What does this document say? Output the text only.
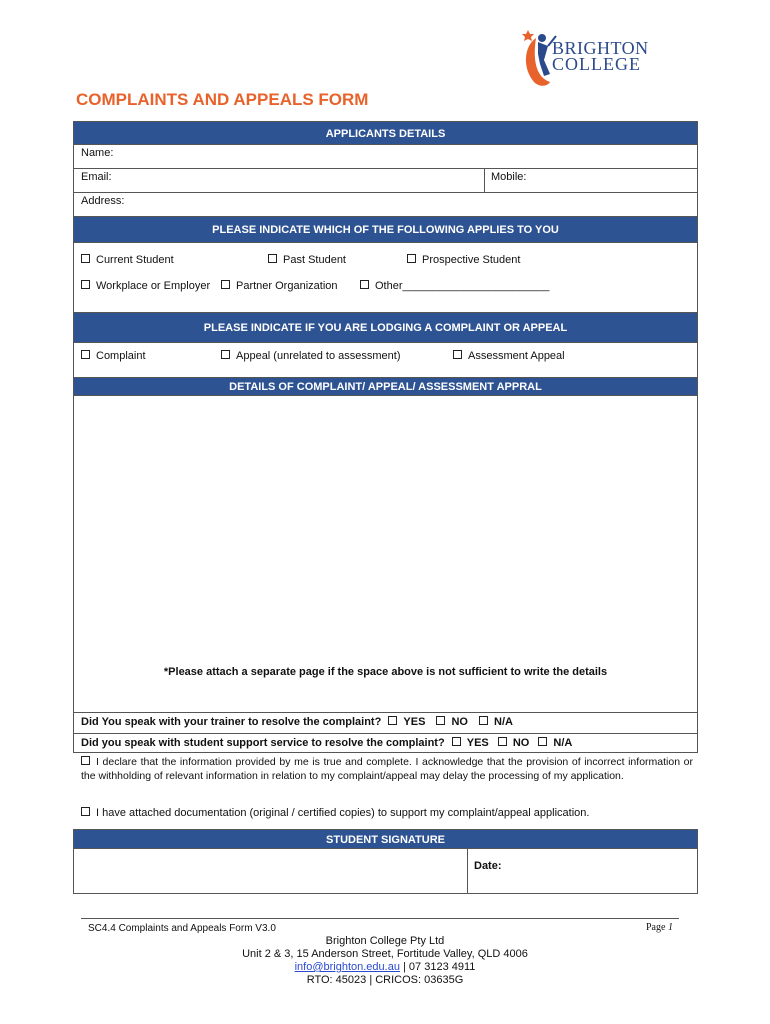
BRIGHTON
COLLEGE
COMPLAINTS AND APPEALS FORM
APPLICANTS DETAILS
Name:
Email:	Mobile:
Address:
PLEASE INDICATE WHICH OF THE FOLLOWING APPLIES TO YOU
Current Student	Past Student	Prospective Student
Workplace or Employer	Partner Organization	Other________________________
PLEASE INDICATE IF YOU ARE LODGING A COMPLAINT OR APPEAL
Complaint	Appeal (unrelated to assessment)	Assessment Appeal
DETAILS OF COMPLAINT/ APPEAL/ ASSESSMENT APPRAL
*Please attach a separate page if the space above is not sufficient to write the details
Did You speak with your trainer to resolve the complaint? YES NO N/A
Did you speak with student support service to resolve the complaint? YES NO N/A
I declare that the information provided by me is true and complete. I acknowledge that the provision of incorrect information or the withholding of relevant information in relation to my complaint/appeal may delay the processing of my application.
I have attached documentation (original / certified copies) to support my complaint/appeal application.
STUDENT SIGNATURE
Date:
SC4.4 Complaints and Appeals Form V3.0	Page 1
Brighton College Pty Ltd
Unit 2 & 3, 15 Anderson Street, Fortitude Valley, QLD 4006
info@brighton.edu.au | 07 3123 4911
RTO: 45023 | CRICOS: 03635G
